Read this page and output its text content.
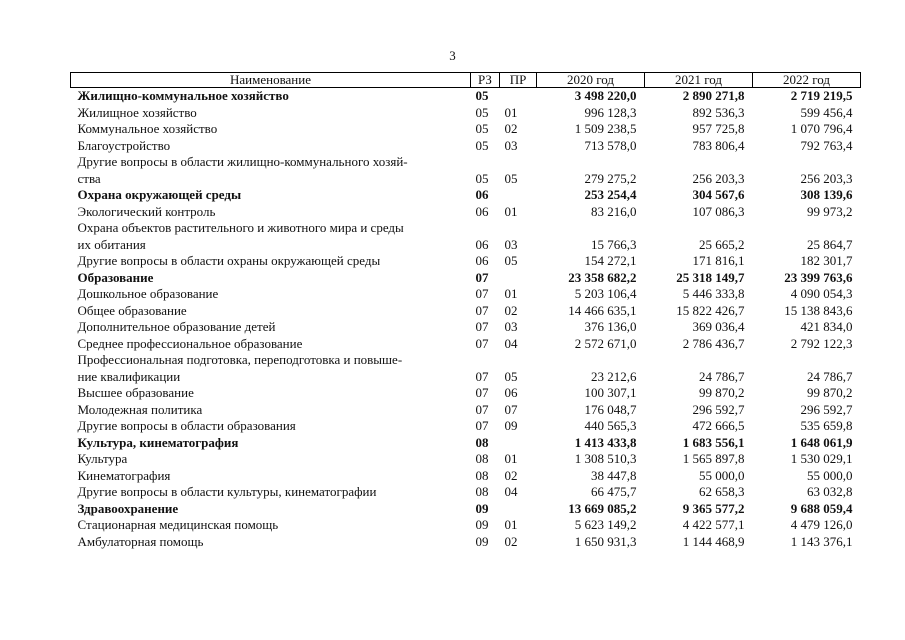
3
Наименование	РЗ	ПР	2020 год	2021 год	2022 год
Жилищно-коммунальное хозяйство	05		3 498 220,0	2 890 271,8	2 719 219,5
Жилищное хозяйство	05	01	996 128,3	892 536,3	599 456,4
Коммунальное хозяйство	05	02	1 509 238,5	957 725,8	1 070 796,4
Благоустройство	05	03	713 578,0	783 806,4	792 763,4
Другие вопросы в области жилищно-коммунального хозяй-					
ства	05	05	279 275,2	256 203,3	256 203,3
Охрана окружающей среды	06		253 254,4	304 567,6	308 139,6
Экологический контроль	06	01	83 216,0	107 086,3	99 973,2
Охрана объектов растительного и животного мира и среды					
их обитания	06	03	15 766,3	25 665,2	25 864,7
Другие вопросы в области охраны окружающей среды	06	05	154 272,1	171 816,1	182 301,7
Образование	07		23 358 682,2	25 318 149,7	23 399 763,6
Дошкольное образование	07	01	5 203 106,4	5 446 333,8	4 090 054,3
Общее образование	07	02	14 466 635,1	15 822 426,7	15 138 843,6
Дополнительное образование детей	07	03	376 136,0	369 036,4	421 834,0
Среднее профессиональное образование	07	04	2 572 671,0	2 786 436,7	2 792 122,3
Профессиональная подготовка, переподготовка и повыше-					
ние квалификации	07	05	23 212,6	24 786,7	24 786,7
Высшее образование	07	06	100 307,1	99 870,2	99 870,2
Молодежная политика	07	07	176 048,7	296 592,7	296 592,7
Другие вопросы в области образования	07	09	440 565,3	472 666,5	535 659,8
Культура, кинематография	08		1 413 433,8	1 683 556,1	1 648 061,9
Культура	08	01	1 308 510,3	1 565 897,8	1 530 029,1
Кинематография	08	02	38 447,8	55 000,0	55 000,0
Другие вопросы в области культуры, кинематографии	08	04	66 475,7	62 658,3	63 032,8
Здравоохранение	09		13 669 085,2	9 365 577,2	9 688 059,4
Стационарная медицинская помощь	09	01	5 623 149,2	4 422 577,1	4 479 126,0
Амбулаторная помощь	09	02	1 650 931,3	1 144 468,9	1 143 376,1
